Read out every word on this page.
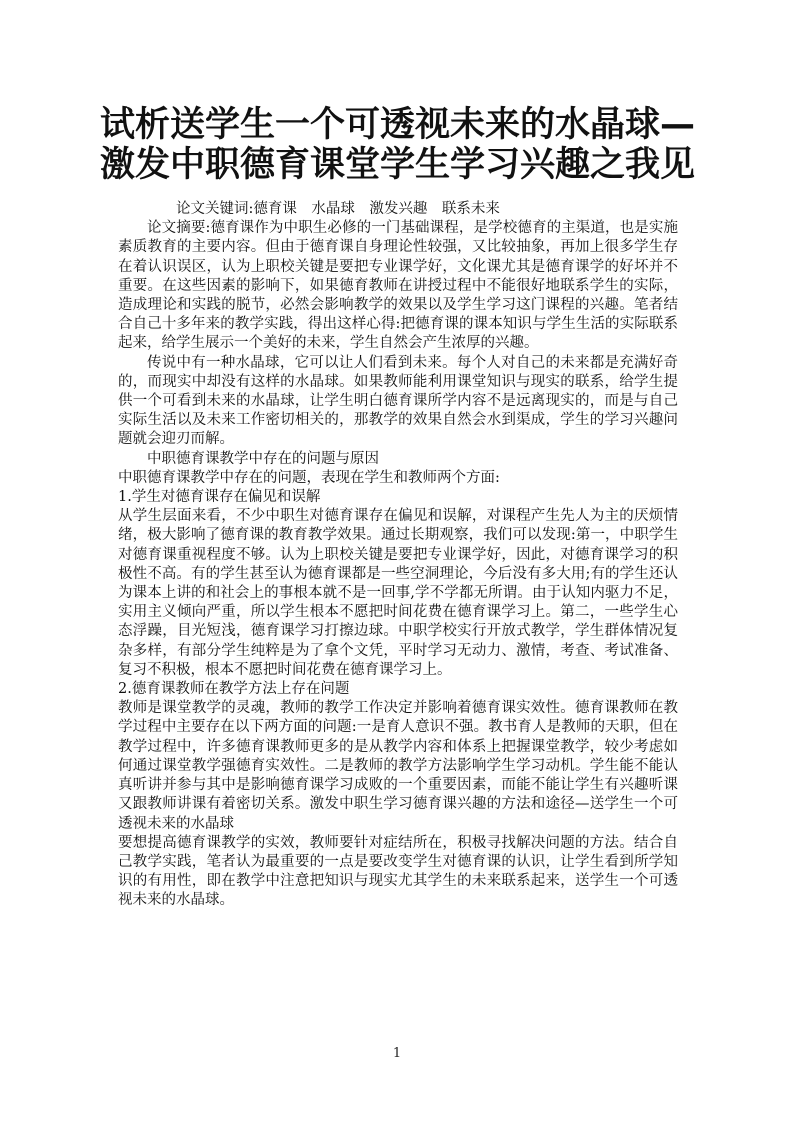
试析送学生一个可透视未来的水晶球—
激发中职德育课堂学生学习兴趣之我见

论文关键词:德育课　水晶球　激发兴趣　联系未来

论文摘要:德育课作为中职生必修的一门基础课程，是学校德育的主渠道，也是实施素质教育的主要内容。但由于德育课自身理论性较强，又比较抽象，再加上很多学生存在着认识误区，认为上职校关键是要把专业课学好，文化课尤其是德育课学的好坏并不重要。在这些因素的影响下，如果德育教师在讲授过程中不能很好地联系学生的实际，造成理论和实践的脱节，必然会影响教学的效果以及学生学习这门课程的兴趣。笔者结合自己十多年来的教学实践，得出这样心得:把德育课的课本知识与学生生活的实际联系起来，给学生展示一个美好的未来，学生自然会产生浓厚的兴趣。

传说中有一种水晶球，它可以让人们看到未来。每个人对自己的未来都是充满好奇的，而现实中却没有这样的水晶球。如果教师能利用课堂知识与现实的联系，给学生提供一个可看到未来的水晶球，让学生明白德育课所学内容不是远离现实的，而是与自己实际生活以及未来工作密切相关的，那教学的效果自然会水到渠成，学生的学习兴趣问题就会迎刃而解。

中职德育课教学中存在的问题与原因

中职德育课教学中存在的问题，表现在学生和教师两个方面:

1.学生对德育课存在偏见和误解

从学生层面来看，不少中职生对德育课存在偏见和误解，对课程产生先人为主的厌烦情绪，极大影响了德育课的教育教学效果。通过长期观察，我们可以发现:第一，中职学生对德育课重视程度不够。认为上职校关键是要把专业课学好，因此，对德育课学习的积极性不高。有的学生甚至认为德育课都是一些空洞理论，今后没有多大用;有的学生还认为课本上讲的和社会上的事根本就不是一回事,学不学都无所谓。由于认知内驱力不足，实用主义倾向严重，所以学生根本不愿把时间花费在德育课学习上。第二，一些学生心态浮躁，目光短浅，德育课学习打擦边球。中职学校实行开放式教学，学生群体情况复杂多样，有部分学生纯粹是为了拿个文凭，平时学习无动力、激情，考查、考试准备、复习不积极，根本不愿把时间花费在德育课学习上。

2.德育课教师在教学方法上存在问题

教师是课堂教学的灵魂，教师的教学工作决定并影响着德育课实效性。德育课教师在教学过程中主要存在以下两方面的问题:一是育人意识不强。教书育人是教师的天职，但在教学过程中，许多德育课教师更多的是从教学内容和体系上把握课堂教学，较少考虑如何通过课堂教学强德育实效性。二是教师的教学方法影响学生学习动机。学生能不能认真听讲并参与其中是影响德育课学习成败的一个重要因素，而能不能让学生有兴趣听课又跟教师讲课有着密切关系。激发中职生学习德育课兴趣的方法和途径—送学生一个可透视未来的水晶球

要想提高德育课教学的实效，教师要针对症结所在，积极寻找解决问题的方法。结合自己教学实践，笔者认为最重要的一点是要改变学生对德育课的认识，让学生看到所学知识的有用性，即在教学中注意把知识与现实尤其学生的未来联系起来，送学生一个可透视未来的水晶球。

1
